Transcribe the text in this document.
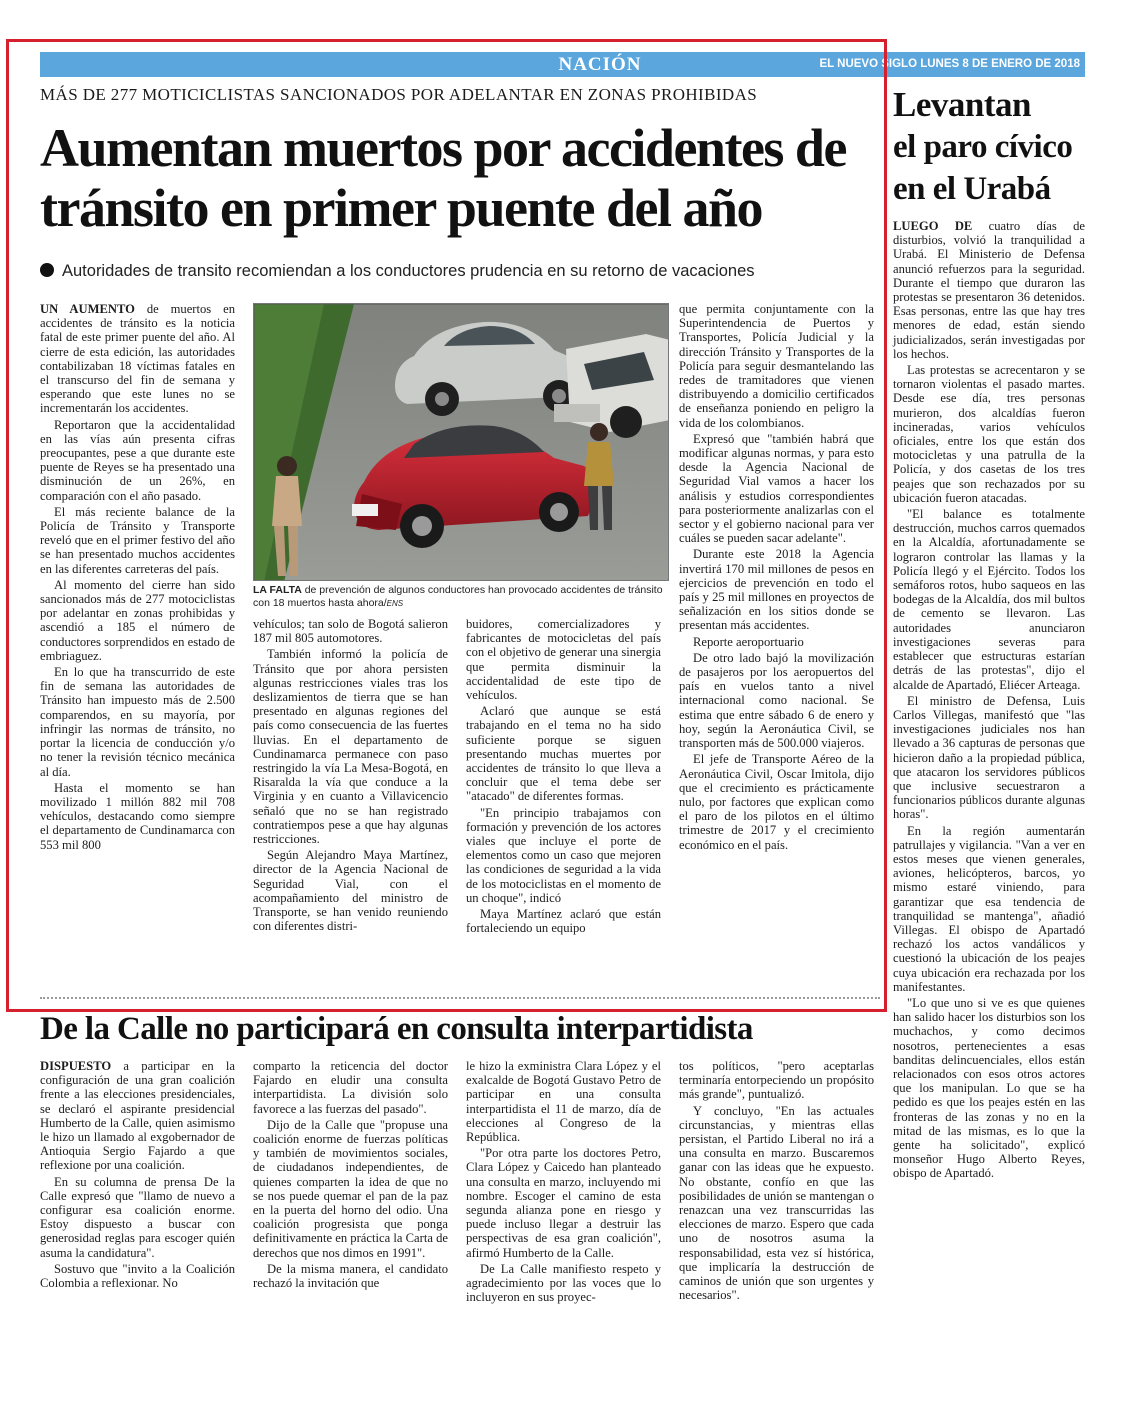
NACIÓN	EL NUEVO SIGLO LUNES 8 DE ENERO DE 2018 1B
MÁS DE 277 MOTICICLISTAS SANCIONADOS POR ADELANTAR EN ZONAS PROHIBIDAS
Aumentan muertos por accidentes de tránsito en primer puente del año
Autoridades de transito recomiendan a los conductores prudencia en su retorno de vacaciones

UN AUMENTO de muertos en accidentes de tránsito es la noticia fatal de este primer puente del año. Al cierre de esta edición, las autoridades contabilizaban 18 víctimas fatales en el transcurso del fin de semana y esperando que este lunes no se incrementarán los accidentes.

Reportaron que la accidentalidad en las vías aún presenta cifras preocupantes, pese a que durante este puente de Reyes se ha presentado una disminución de un 26%, en comparación con el año pasado.

El más reciente balance de la Policía de Tránsito y Transporte reveló que en el primer festivo del año se han presentado muchos accidentes en las diferentes carreteras del país.

Al momento del cierre han sido sancionados más de 277 motociclistas por adelantar en zonas prohibidas y ascendió a 185 el número de conductores sorprendidos en estado de embriaguez.

En lo que ha transcurrido de este fin de semana las autoridades de Tránsito han impuesto más de 2.500 comparendos, en su mayoría, por infringir las normas de tránsito, no portar la licencia de conducción y/o no tener la revisión técnico mecánica al día.

Hasta el momento se han movilizado 1 millón 882 mil 708 vehículos, destacando como siempre el departamento de Cundinamarca con 553 mil 800

LA FALTA de prevención de algunos conductores han provocado accidentes de tránsito con 18 muertos hasta ahora/ENS

vehículos; tan solo de Bogotá salieron 187 mil 805 automotores.

También informó la policía de Tránsito que por ahora persisten algunas restricciones viales tras los deslizamientos de tierra que se han presentado en algunas regiones del país como consecuencia de las fuertes lluvias. En el departamento de Cundinamarca permanece con paso restringido la vía La Mesa-Bogotá, en Risaralda la vía que conduce a la Virginia y en cuanto a Villavicencio señaló que no se han registrado contratiempos pese a que hay algunas restricciones.

Según Alejandro Maya Martínez, director de la Agencia Nacional de Seguridad Vial, con el acompañamiento del ministro de Transporte, se han venido reuniendo con diferentes distri-

buidores, comercializadores y fabricantes de motocicletas del país con el objetivo de generar una sinergia que permita disminuir la accidentalidad de este tipo de vehículos.

Aclaró que aunque se está trabajando en el tema no ha sido suficiente porque se siguen presentando muchas muertes por accidentes de tránsito lo que lleva a concluir que el tema debe ser "atacado" de diferentes formas.

"En principio trabajamos con formación y prevención de los actores viales que incluye el porte de elementos como un caso que mejoren las condiciones de seguridad a la vida de los motociclistas en el momento de un choque", indicó

Maya Martínez aclaró que están fortaleciendo un equipo

que permita conjuntamente con la Superintendencia de Puertos y Transportes, Policía Judicial y la dirección Tránsito y Transportes de la Policía para seguir desmantelando las redes de tramitadores que vienen distribuyendo a domicilio certificados de enseñanza poniendo en peligro la vida de los colombianos.

Expresó que "también habrá que modificar algunas normas, y para esto desde la Agencia Nacional de Seguridad Vial vamos a hacer los análisis y estudios correspondientes para posteriormente analizarlas con el sector y el gobierno nacional para ver cuáles se pueden sacar adelante".

Durante este 2018 la Agencia invertirá 170 mil millones de pesos en ejercicios de prevención en todo el país y 25 mil millones en proyectos de señalización en los sitios donde se presentan más accidentes.

Reporte aeroportuario

De otro lado bajó la movilización de pasajeros por los aeropuertos del país en vuelos tanto a nivel internacional como nacional. Se estima que entre sábado 6 de enero y hoy, según la Aeronáutica Civil, se transporten más de 500.000 viajeros.

El jefe de Transporte Aéreo de la Aeronáutica Civil, Oscar Imitola, dijo que el crecimiento es prácticamente nulo, por factores que explican como el paro de los pilotos en el último trimestre de 2017 y el crecimiento económico en el país.

De la Calle no participará en consulta interpartidista

DISPUESTO a participar en la configuración de una gran coalición frente a las elecciones presidenciales, se declaró el aspirante presidencial Humberto de la Calle, quien asimismo le hizo un llamado al exgobernador de Antioquia Sergio Fajardo a que reflexione por una coalición.

En su columna de prensa De la Calle expresó que "llamo de nuevo a configurar esa coalición enorme. Estoy dispuesto a buscar con generosidad reglas para escoger quién asuma la candidatura".

Sostuvo que "invito a la Coalición Colombia a reflexionar. No

comparto la reticencia del doctor Fajardo en eludir una consulta interpartidista. La división solo favorece a las fuerzas del pasado".

Dijo de la Calle que "propuse una coalición enorme de fuerzas políticas y también de movimientos sociales, de ciudadanos independientes, de quienes comparten la idea de que no se nos puede quemar el pan de la paz en la puerta del horno del odio. Una coalición progresista que ponga definitivamente en práctica la Carta de derechos que nos dimos en 1991".

De la misma manera, el candidato rechazó la invitación que

le hizo la exministra Clara López y el exalcalde de Bogotá Gustavo Petro de participar en una consulta interpartidista el 11 de marzo, día de elecciones al Congreso de la República.

"Por otra parte los doctores Petro, Clara López y Caicedo han planteado una consulta en marzo, incluyendo mi nombre. Escoger el camino de esta segunda alianza pone en riesgo y puede incluso llegar a destruir las perspectivas de esa gran coalición", afirmó Humberto de la Calle.

De La Calle manifiesto respeto y agradecimiento por las voces que lo incluyeron en sus proyec-

tos políticos, "pero aceptarlas terminaría entorpeciendo un propósito más grande", puntualizó.

Y concluyo, "En las actuales circunstancias, y mientras ellas persistan, el Partido Liberal no irá a una consulta en marzo. Buscaremos ganar con las ideas que he expuesto. No obstante, confío en que las posibilidades de unión se mantengan o renazcan una vez transcurridas las elecciones de marzo. Espero que cada uno de nosotros asuma la responsabilidad, esta vez sí histórica, que implicaría la destrucción de caminos de unión que son urgentes y necesarios".

Levantan
el paro cívico
en el Urabá

LUEGO DE cuatro días de disturbios, volvió la tranquilidad a Urabá. El Ministerio de Defensa anunció refuerzos para la seguridad. Durante el tiempo que duraron las protestas se presentaron 36 detenidos. Esas personas, entre las que hay tres menores de edad, están siendo judicializados, serán investigadas por los hechos.

Las protestas se acrecentaron y se tornaron violentas el pasado martes. Desde ese día, tres personas murieron, dos alcaldías fueron incineradas, varios vehículos oficiales, entre los que están dos motocicletas y una patrulla de la Policía, y dos casetas de los tres peajes que son rechazados por su ubicación fueron atacadas.

"El balance es totalmente destrucción, muchos carros quemados en la Alcaldía, afortunadamente se lograron controlar las llamas y la Policía llegó y el Ejército. Todos los semáforos rotos, hubo saqueos en las bodegas de la Alcaldía, dos mil bultos de cemento se llevaron. Las autoridades anunciaron investigaciones severas para establecer que estructuras estarían detrás de las protestas", dijo el alcalde de Apartadó, Eliécer Arteaga.

El ministro de Defensa, Luis Carlos Villegas, manifestó que "las investigaciones judiciales nos han llevado a 36 capturas de personas que hicieron daño a la propiedad pública, que atacaron los servidores públicos que inclusive secuestraron a funcionarios públicos durante algunas horas".

En la región aumentarán patrullajes y vigilancia. "Van a ver en estos meses que vienen generales, aviones, helicópteros, barcos, yo mismo estaré viniendo, para garantizar que esa tendencia de tranquilidad se mantenga", añadió Villegas. El obispo de Apartadó rechazó los actos vandálicos y cuestionó la ubicación de los peajes cuya ubicación era rechazada por los manifestantes.

"Lo que uno si ve es que quienes han salido hacer los disturbios son los muchachos, y como decimos nosotros, pertenecientes a esas banditas delincuenciales, ellos están relacionados con esos otros actores que los manipulan. Lo que se ha pedido es que los peajes estén en las fronteras de las zonas y no en la mitad de las mismas, es lo que la gente ha solicitado", explicó monseñor Hugo Alberto Reyes, obispo de Apartadó.
